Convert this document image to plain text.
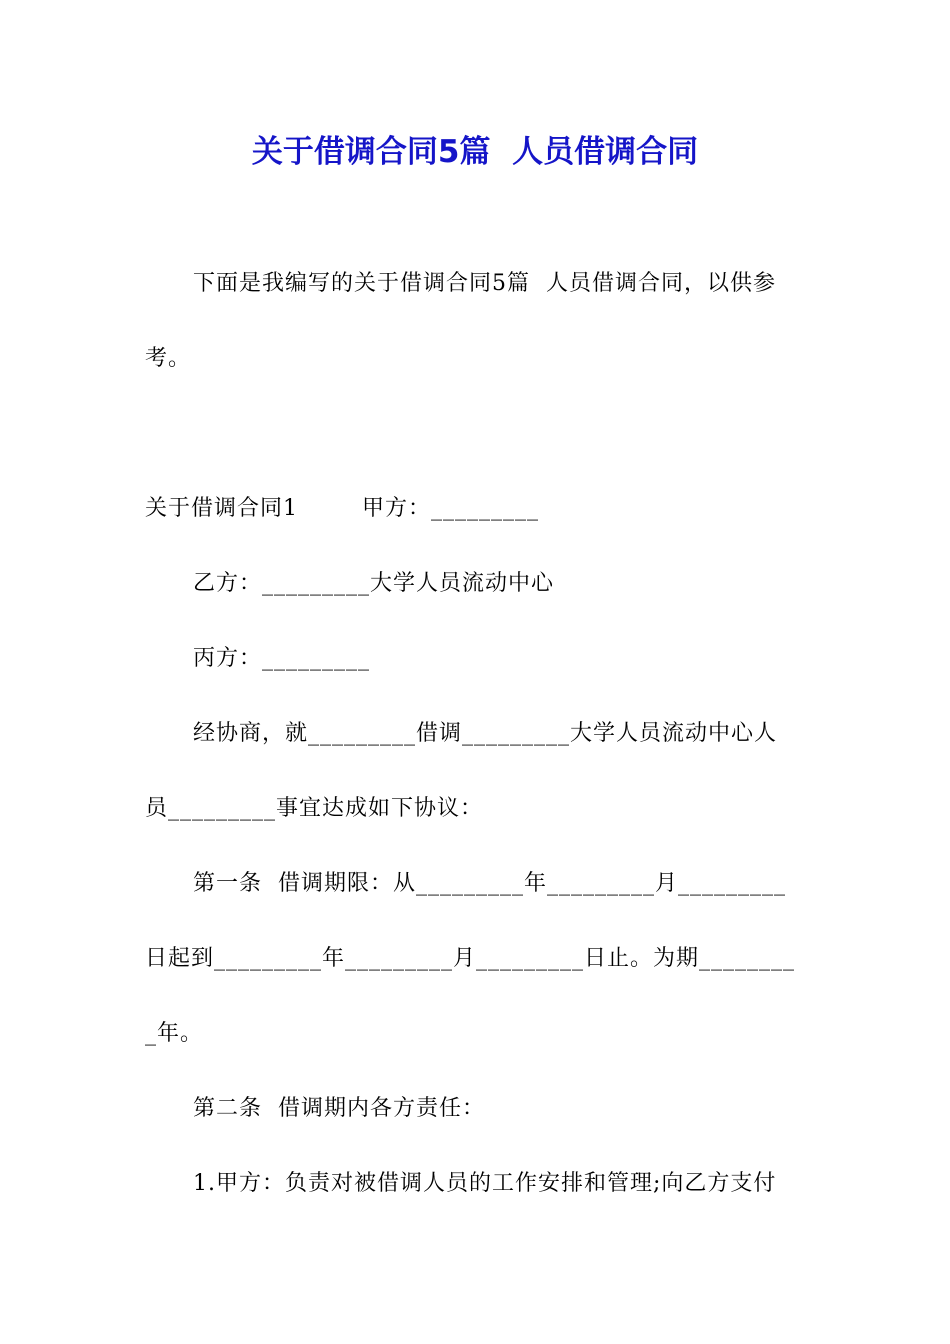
关于借调合同5篇  人员借调合同
下面是我编写的关于借调合同5篇  人员借调合同，以供参
考。
关于借调合同1        甲方：_________
乙方：_________大学人员流动中心
丙方：_________
经协商，就_________借调_________大学人员流动中心人
员_________事宜达成如下协议：
第一条  借调期限：从_________年_________月_________
日起到_________年_________月_________日止。为期________
_年。
第二条  借调期内各方责任：
1.甲方：负责对被借调人员的工作安排和管理;向乙方支付
